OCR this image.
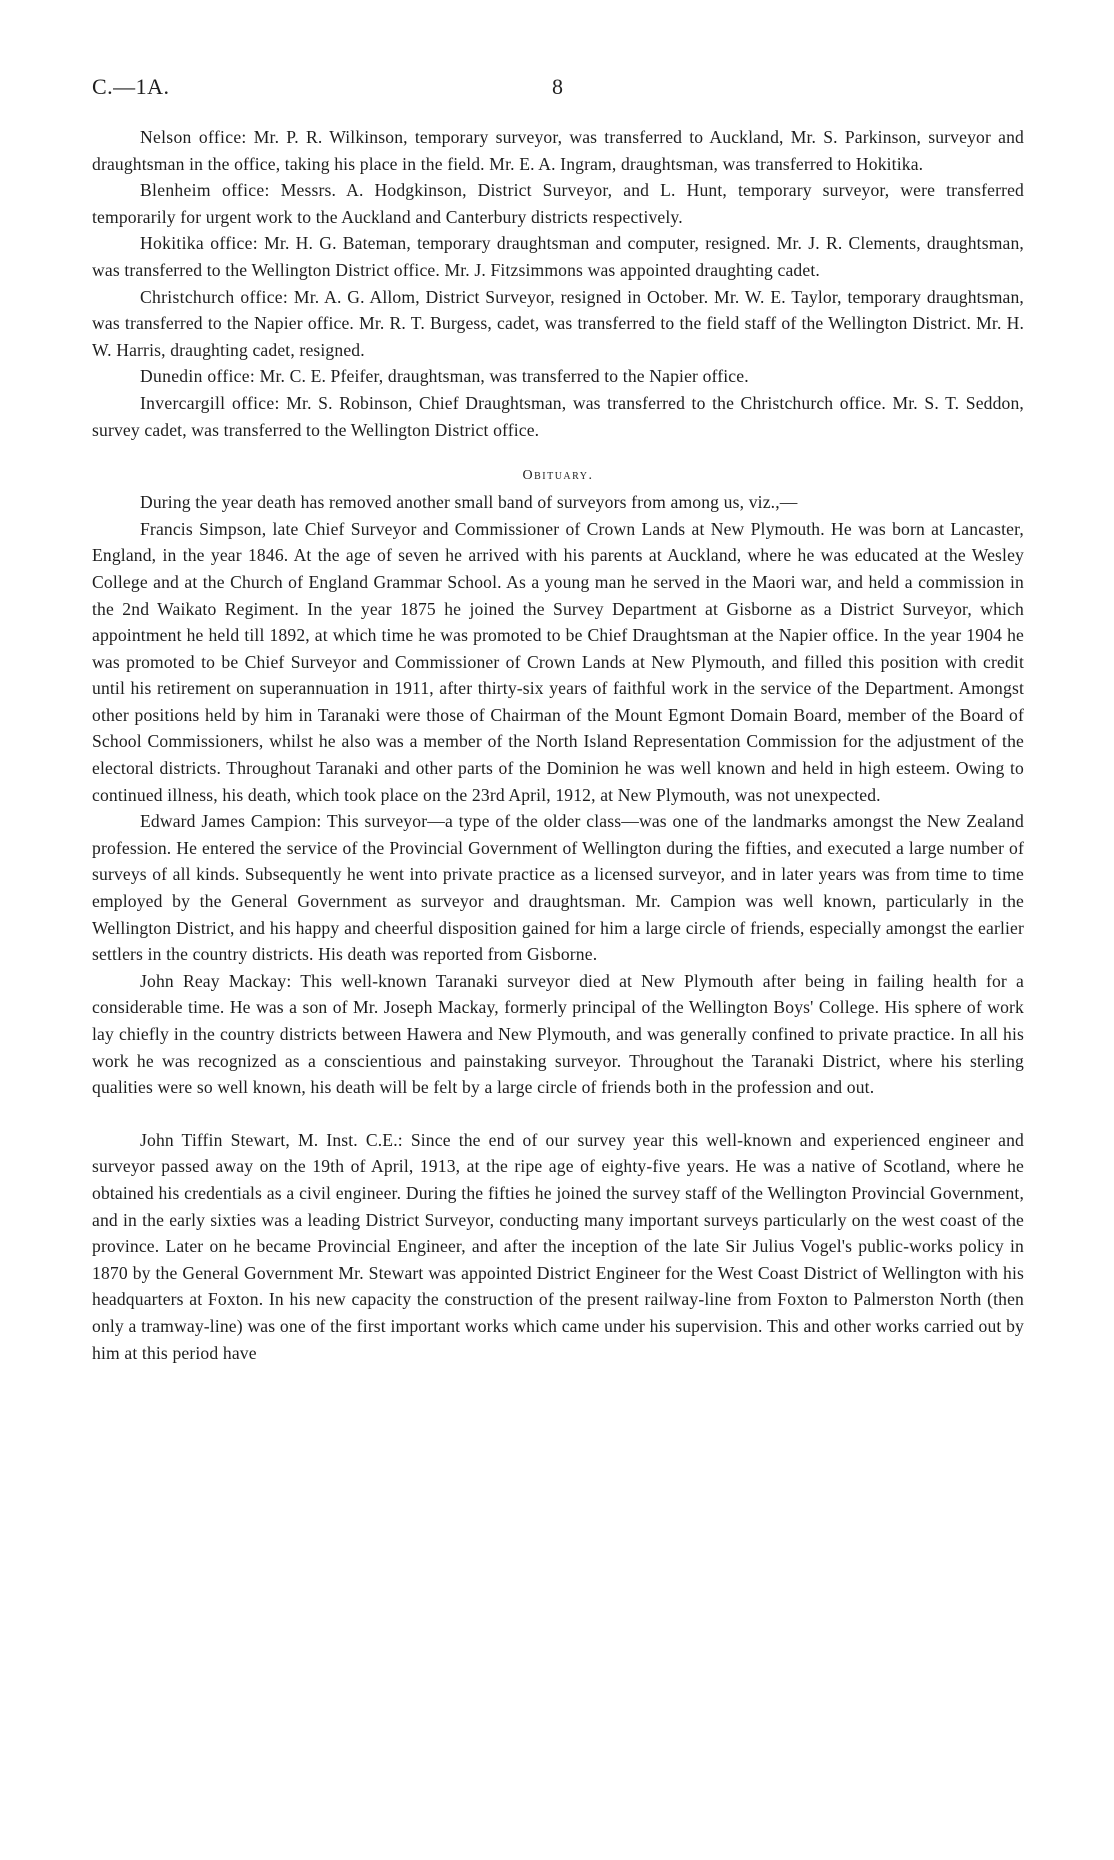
C.—1A.	8

Nelson office: Mr. P. R. Wilkinson, temporary surveyor, was transferred to Auckland, Mr. S. Parkinson, surveyor and draughtsman in the office, taking his place in the field. Mr. E. A. Ingram, draughtsman, was transferred to Hokitika.

Blenheim office: Messrs. A. Hodgkinson, District Surveyor, and L. Hunt, temporary surveyor, were transferred temporarily for urgent work to the Auckland and Canterbury districts respectively.

Hokitika office: Mr. H. G. Bateman, temporary draughtsman and computer, resigned. Mr. J. R. Clements, draughtsman, was transferred to the Wellington District office. Mr. J. Fitzsimmons was appointed draughting cadet.

Christchurch office: Mr. A. G. Allom, District Surveyor, resigned in October. Mr. W. E. Taylor, temporary draughtsman, was transferred to the Napier office. Mr. R. T. Burgess, cadet, was transferred to the field staff of the Wellington District. Mr. H. W. Harris, draughting cadet, resigned.

Dunedin office: Mr. C. E. Pfeifer, draughtsman, was transferred to the Napier office.

Invercargill office: Mr. S. Robinson, Chief Draughtsman, was transferred to the Christchurch office. Mr. S. T. Seddon, survey cadet, was transferred to the Wellington District office.

Obituary.

During the year death has removed another small band of surveyors from among us, viz.,—

Francis Simpson, late Chief Surveyor and Commissioner of Crown Lands at New Plymouth. He was born at Lancaster, England, in the year 1846. At the age of seven he arrived with his parents at Auckland, where he was educated at the Wesley College and at the Church of England Grammar School. As a young man he served in the Maori war, and held a commission in the 2nd Waikato Regiment. In the year 1875 he joined the Survey Department at Gisborne as a District Surveyor, which appointment he held till 1892, at which time he was promoted to be Chief Draughtsman at the Napier office. In the year 1904 he was promoted to be Chief Surveyor and Commissioner of Crown Lands at New Plymouth, and filled this position with credit until his retirement on superannuation in 1911, after thirty-six years of faithful work in the service of the Department. Amongst other positions held by him in Taranaki were those of Chairman of the Mount Egmont Domain Board, member of the Board of School Commissioners, whilst he also was a member of the North Island Representation Commission for the adjustment of the electoral districts. Throughout Taranaki and other parts of the Dominion he was well known and held in high esteem. Owing to continued illness, his death, which took place on the 23rd April, 1912, at New Plymouth, was not unexpected.

Edward James Campion: This surveyor—a type of the older class—was one of the landmarks amongst the New Zealand profession. He entered the service of the Provincial Government of Wellington during the fifties, and executed a large number of surveys of all kinds. Subsequently he went into private practice as a licensed surveyor, and in later years was from time to time employed by the General Government as surveyor and draughtsman. Mr. Campion was well known, particularly in the Wellington District, and his happy and cheerful disposition gained for him a large circle of friends, especially amongst the earlier settlers in the country districts. His death was reported from Gisborne.

John Reay Mackay: This well-known Taranaki surveyor died at New Plymouth after being in failing health for a considerable time. He was a son of Mr. Joseph Mackay, formerly principal of the Wellington Boys' College. His sphere of work lay chiefly in the country districts between Hawera and New Plymouth, and was generally confined to private practice. In all his work he was recognized as a conscientious and painstaking surveyor. Throughout the Taranaki District, where his sterling qualities were so well known, his death will be felt by a large circle of friends both in the profession and out.

John Tiffin Stewart, M. Inst. C.E.: Since the end of our survey year this well-known and experienced engineer and surveyor passed away on the 19th of April, 1913, at the ripe age of eighty-five years. He was a native of Scotland, where he obtained his credentials as a civil engineer. During the fifties he joined the survey staff of the Wellington Provincial Government, and in the early sixties was a leading District Surveyor, conducting many important surveys particularly on the west coast of the province. Later on he became Provincial Engineer, and after the inception of the late Sir Julius Vogel's public-works policy in 1870 by the General Government Mr. Stewart was appointed District Engineer for the West Coast District of Wellington with his headquarters at Foxton. In his new capacity the construction of the present railway-line from Foxton to Palmerston North (then only a tramway-line) was one of the first important works which came under his supervision. This and other works carried out by him at this period have
